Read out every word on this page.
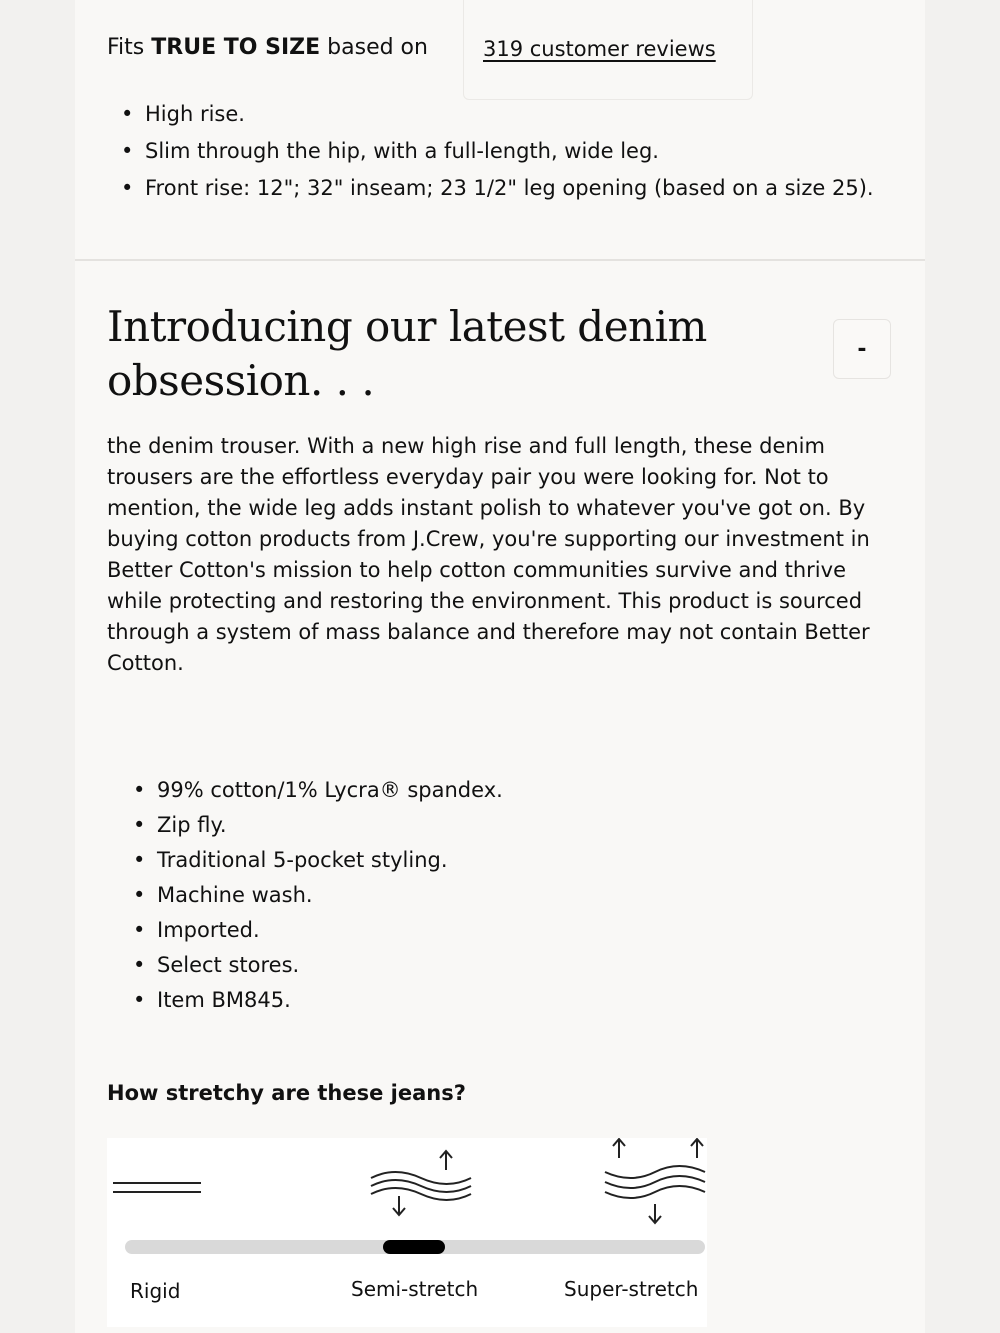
Fits TRUE TO SIZE based on	319 customer reviews
• High rise.
• Slim through the hip, with a full-length, wide leg.
• Front rise: 12"; 32" inseam; 23 1/2" leg opening (based on a size 25).
Introducing our latest denim obsession. . .
-

the denim trouser. With a new high rise and full length, these denim trousers are the effortless everyday pair you were looking for. Not to mention, the wide leg adds instant polish to whatever you've got on. By buying cotton products from J.Crew, you're supporting our investment in Better Cotton's mission to help cotton communities survive and thrive while protecting and restoring the environment. This product is sourced through a system of mass balance and therefore may not contain Better Cotton.

• 99% cotton/1% Lycra® spandex.
• Zip fly.
• Traditional 5-pocket styling.
• Machine wash.
• Imported.
• Select stores.
• Item BM845.
How stretchy are these jeans?
Rigid	Semi-stretch	Super-stretch
